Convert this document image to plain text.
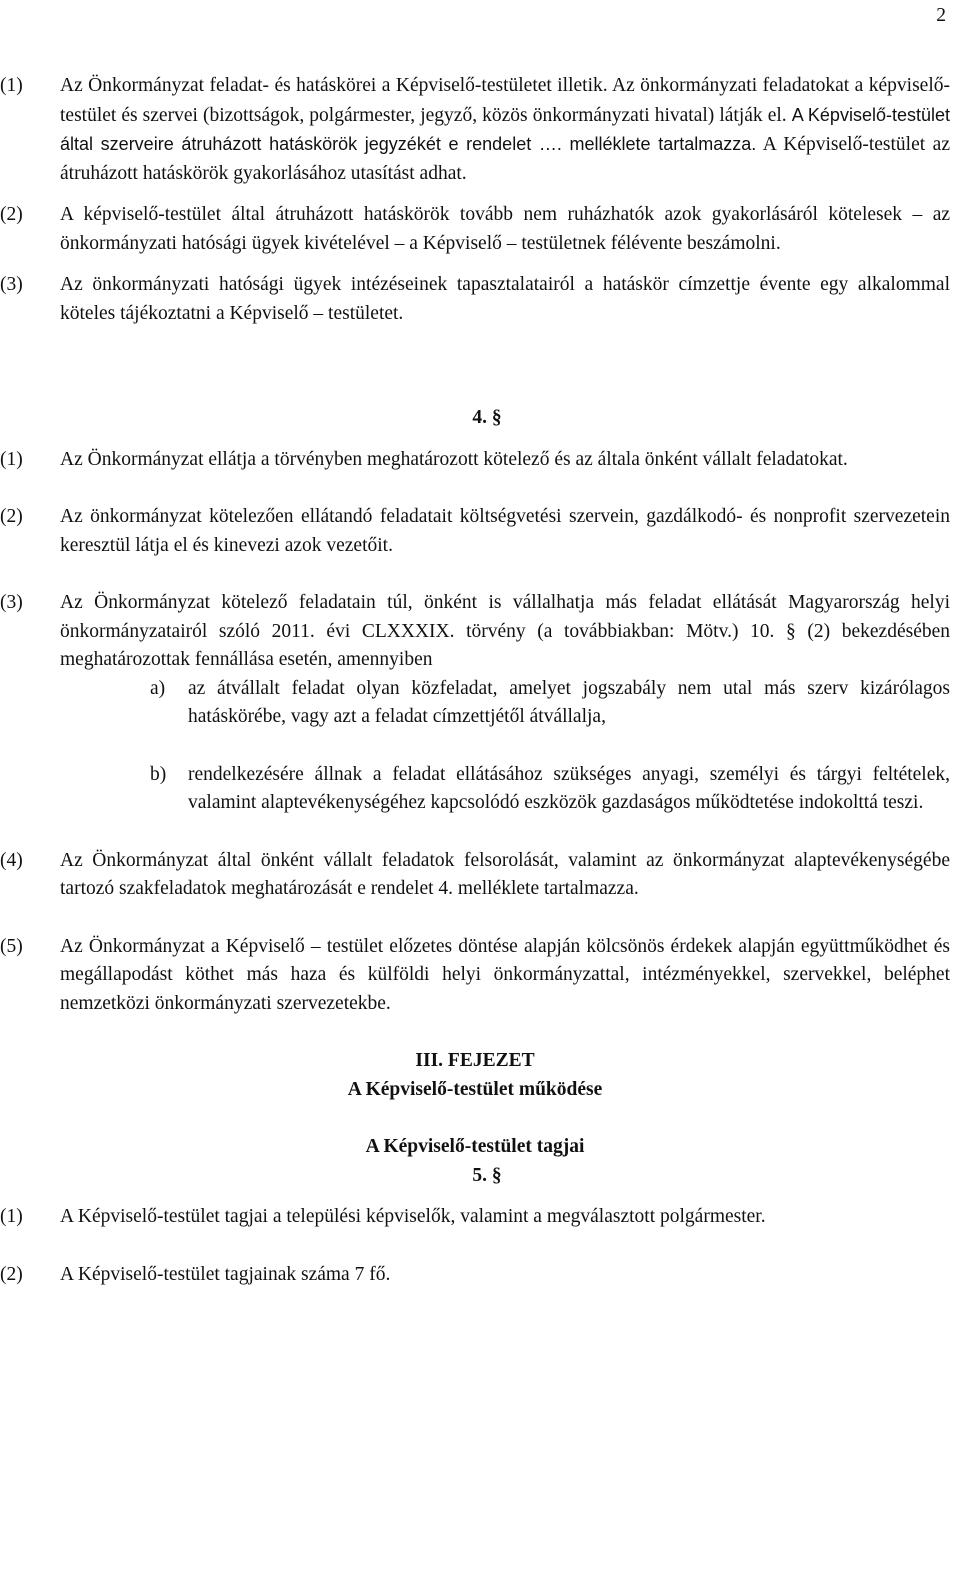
2

(1) Az Önkormányzat feladat- és hatáskörei a Képviselő-testületet illetik. Az önkormányzati feladatokat a képviselő-testület és szervei (bizottságok, polgármester, jegyző, közös önkormányzati hivatal) látják el. A Képviselő-testület által szerveire átruházott hatáskörök jegyzékét e rendelet …. melléklete tartalmazza. A Képviselő-testület az átruházott hatáskörök gyakorlásához utasítást adhat.

(2) A képviselő-testület által átruházott hatáskörök tovább nem ruházhatók azok gyakorlásáról kötelesek – az önkormányzati hatósági ügyek kivételével – a Képviselő – testületnek félévente beszámolni.

(3) Az önkormányzati hatósági ügyek intézéseinek tapasztalatairól a hatáskör címzettje évente egy alkalommal köteles tájékoztatni a Képviselő – testületet.

4. §

(1) Az Önkormányzat ellátja a törvényben meghatározott kötelező és az általa önként vállalt feladatokat.

(2) Az önkormányzat kötelezően ellátandó feladatait költségvetési szervein, gazdálkodó- és nonprofit szervezetein keresztül látja el és kinevezi azok vezetőit.

(3) Az Önkormányzat kötelező feladatain túl, önként is vállalhatja más feladat ellátását Magyarország helyi önkormányzatairól szóló 2011. évi CLXXXIX. törvény (a továbbiakban: Mötv.) 10. § (2) bekezdésében meghatározottak fennállása esetén, amennyiben

a) az átvállalt feladat olyan közfeladat, amelyet jogszabály nem utal más szerv kizárólagos hatáskörébe, vagy azt a feladat címzettjétől átvállalja,

b) rendelkezésére állnak a feladat ellátásához szükséges anyagi, személyi és tárgyi feltételek, valamint alaptevékenységéhez kapcsolódó eszközök gazdaságos működtetése indokolttá teszi.

(4) Az Önkormányzat által önként vállalt feladatok felsorolását, valamint az önkormányzat alaptevékenységébe tartozó szakfeladatok meghatározását e rendelet 4. melléklete tartalmazza.

(5) Az Önkormányzat a Képviselő – testület előzetes döntése alapján kölcsönös érdekek alapján együttműködhet és megállapodást köthet más haza és külföldi helyi önkormányzattal, intézményekkel, szervekkel, beléphet nemzetközi önkormányzati szervezetekbe.

III. FEJEZET

A Képviselő-testület működése

A Képviselő-testület tagjai

5. §

(1) A Képviselő-testület tagjai a települési képviselők, valamint a megválasztott polgármester.

(2) A Képviselő-testület tagjainak száma 7 fő.
